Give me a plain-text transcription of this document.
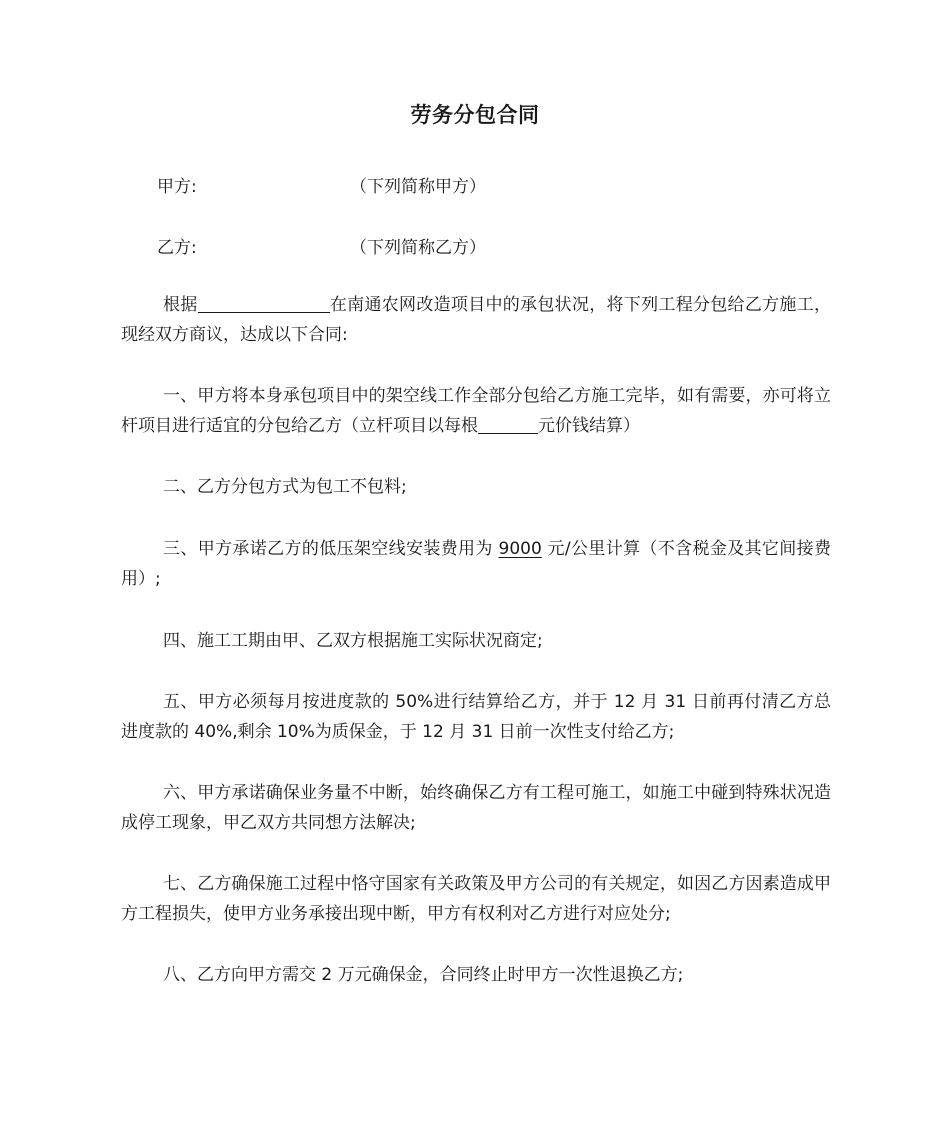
劳务分包合同
甲方:	（下列简称甲方）
乙方:	（下列简称乙方）
根据	在南通农网改造项目中的承包状况，将下列工程分包给乙方施工，现经双方商议，达成以下合同:
一、甲方将本身承包项目中的架空线工作全部分包给乙方施工完毕，如有需要，亦可将立杆项目进行适宜的分包给乙方（立杆项目以每根	元价钱结算）
二、乙方分包方式为包工不包料;
三、甲方承诺乙方的低压架空线安装费用为 9000 元/公里计算（不含税金及其它间接费用）;
四、施工工期由甲、乙双方根据施工实际状况商定;
五、甲方必须每月按进度款的 50%进行结算给乙方，并于 12 月 31 日前再付清乙方总进度款的 40%,剩余 10%为质保金，于 12 月 31 日前一次性支付给乙方;
六、甲方承诺确保业务量不中断，始终确保乙方有工程可施工，如施工中碰到特殊状况造成停工现象，甲乙双方共同想方法解决;
七、乙方确保施工过程中恪守国家有关政策及甲方公司的有关规定，如因乙方因素造成甲方工程损失，使甲方业务承接出现中断，甲方有权利对乙方进行对应处分;
八、乙方向甲方需交 2 万元确保金，合同终止时甲方一次性退换乙方;
